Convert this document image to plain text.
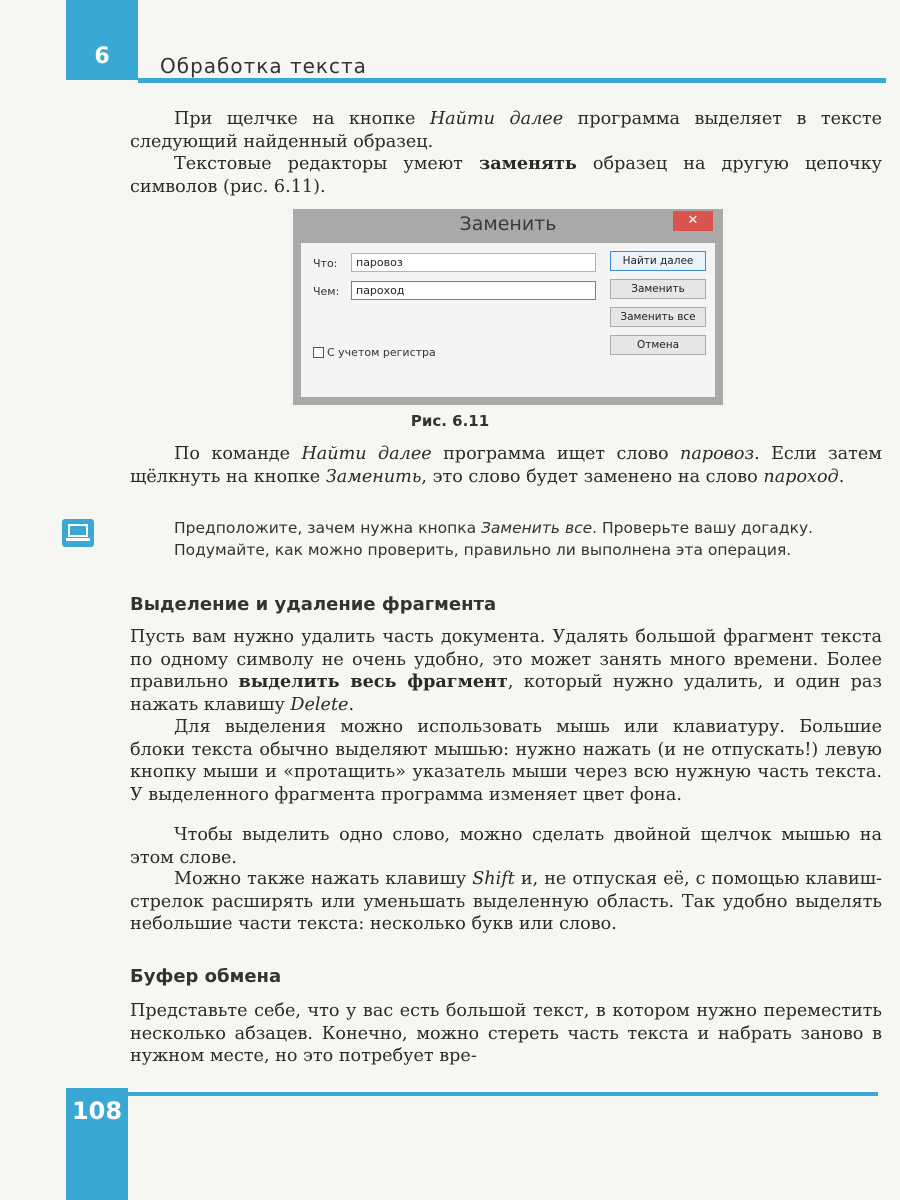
6	Обработка текста
При щелчке на кнопке Найти далее программа выделяет в тексте следующий найденный образец.
Текстовые редакторы умеют заменять образец на другую цепочку символов (рис. 6.11).
Заменить	✕
Что:	паровоз
Чем:	пароход
Найти далее
Заменить
Заменить все
Отмена
С учетом регистра
Рис. 6.11
По команде Найти далее программа ищет слово паровоз. Если затем щёлкнуть на кнопке Заменить, это слово будет заменено на слово пароход.
Предположите, зачем нужна кнопка Заменить все. Проверьте вашу догадку. Подумайте, как можно проверить, правильно ли выполнена эта операция.
Выделение и удаление фрагмента
Пусть вам нужно удалить часть документа. Удалять большой фрагмент текста по одному символу не очень удобно, это может занять много времени. Более правильно выделить весь фрагмент, который нужно удалить, и один раз нажать клавишу Delete.
Для выделения можно использовать мышь или клавиатуру. Большие блоки текста обычно выделяют мышью: нужно нажать (и не отпускать!) левую кнопку мыши и «протащить» указатель мыши через всю нужную часть текста. У выделенного фрагмента программа изменяет цвет фона.
Чтобы выделить одно слово, можно сделать двойной щелчок мышью на этом слове.
Можно также нажать клавишу Shift и, не отпуская её, с помощью клавиш-стрелок расширять или уменьшать выделенную область. Так удобно выделять небольшие части текста: несколько букв или слово.
Буфер обмена
Представьте себе, что у вас есть большой текст, в котором нужно переместить несколько абзацев. Конечно, можно стереть часть текста и набрать заново в нужном месте, но это потребует вре-
108
